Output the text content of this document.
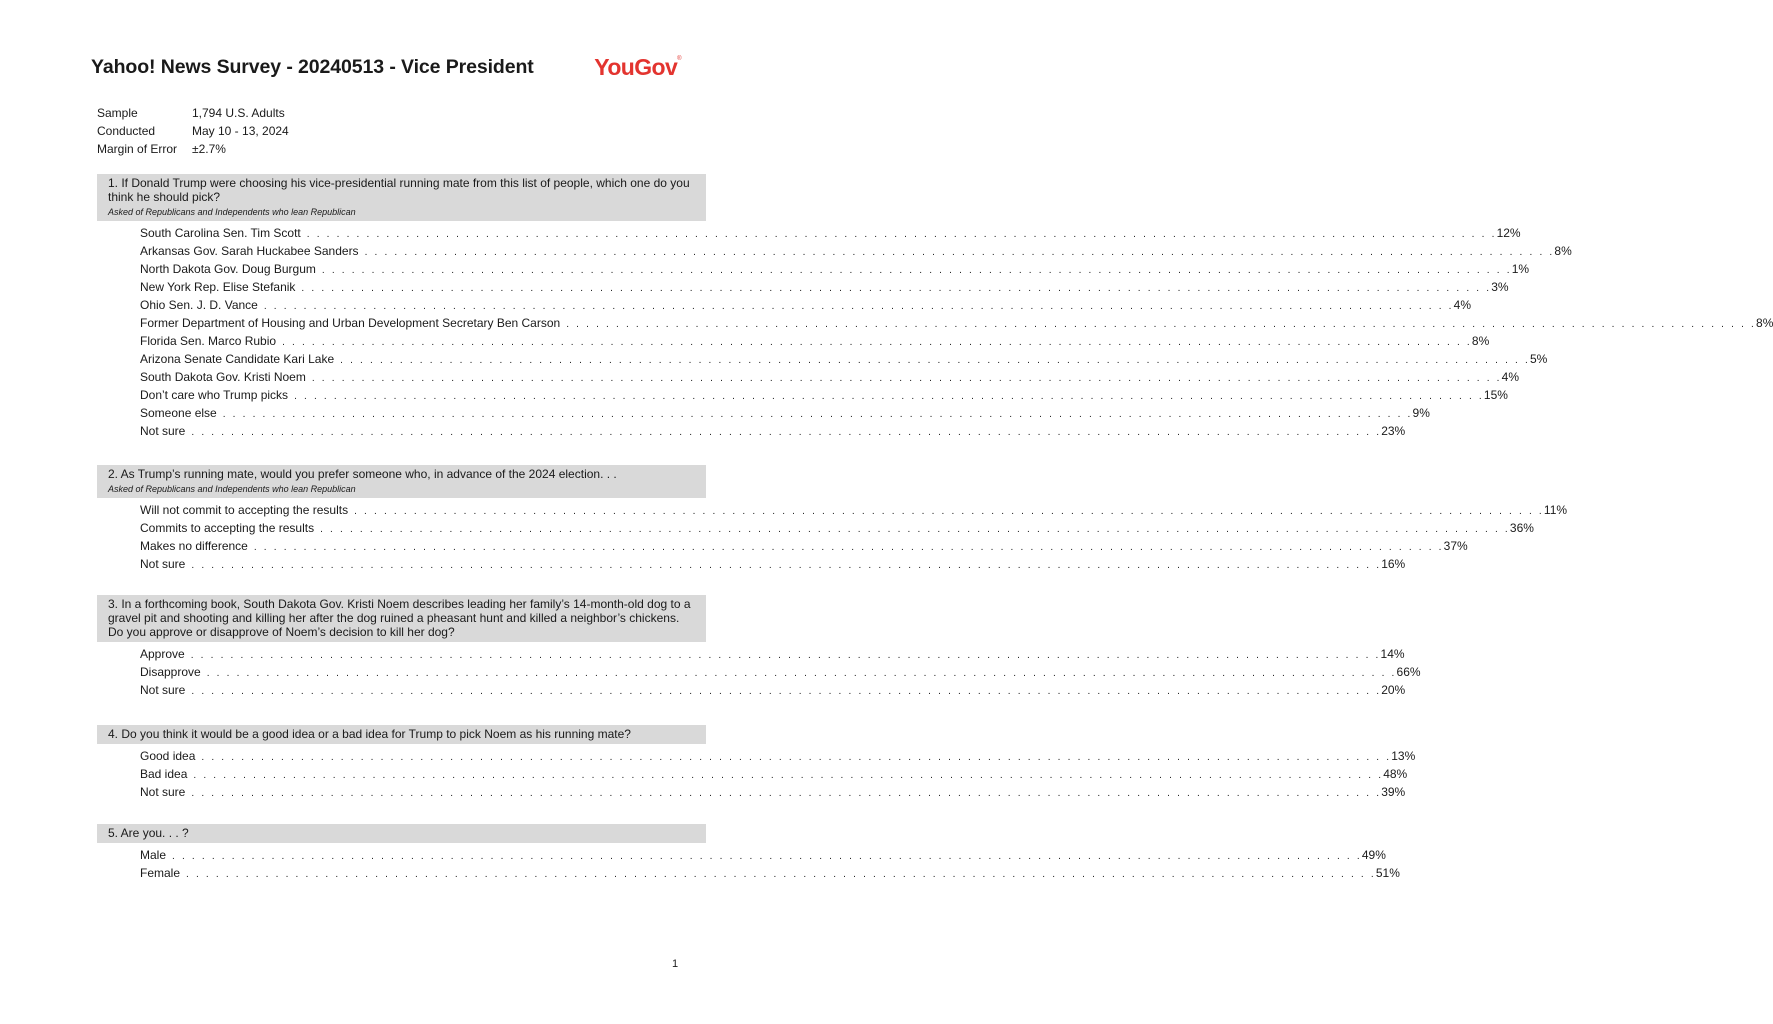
Yahoo! News Survey - 20240513 - Vice President	YouGov®
Sample	1,794 U.S. Adults
Conducted	May 10 - 13, 2024
Margin of Error	±2.7%
1. If Donald Trump were choosing his vice-presidential running mate from this list of people, which one do you think he should pick?
Asked of Republicans and Independents who lean Republican
South Carolina Sen. Tim Scott . . . . . . . . . . . . . . . . . . . . . . . . . . . . . . . . . . . . . . . . . . . . . . . . . . . . . . . . . . . . . . . . . . . . . . . . . . . . . . . . . . . . . . . . . . . . . . . . . . . . . . . . . . . . . . . . . . . . . . . . 12%
Arkansas Gov. Sarah Huckabee Sanders . . . . . . . . . . . . . . . . . . . . . . . . . . . . . . . . . . . . . . . . . . . . . . . . . . . . . . . . . . . . . . . . . . . . . . . . . . . . . . . . . . . . . . . . . . . . . . . . . . . . . . . . . . . . . . . . . . . . . . . . 8%
North Dakota Gov. Doug Burgum . . . . . . . . . . . . . . . . . . . . . . . . . . . . . . . . . . . . . . . . . . . . . . . . . . . . . . . . . . . . . . . . . . . . . . . . . . . . . . . . . . . . . . . . . . . . . . . . . . . . . . . . . . . . . . . . . . . . . . . . 1%
New York Rep. Elise Stefanik . . . . . . . . . . . . . . . . . . . . . . . . . . . . . . . . . . . . . . . . . . . . . . . . . . . . . . . . . . . . . . . . . . . . . . . . . . . . . . . . . . . . . . . . . . . . . . . . . . . . . . . . . . . . . . . . . . . . . . . . 3%
Ohio Sen. J. D. Vance . . . . . . . . . . . . . . . . . . . . . . . . . . . . . . . . . . . . . . . . . . . . . . . . . . . . . . . . . . . . . . . . . . . . . . . . . . . . . . . . . . . . . . . . . . . . . . . . . . . . . . . . . . . . . . . . . . . . . . . . 4%
Former Department of Housing and Urban Development Secretary Ben Carson . . . . . . . . . . . . . . . . . . . . . . . . . . . . . . . . . . . . . . . . . . . . . . . . . . . . . . . . . . . . . . . . . . . . . . . . . . . . . . . . . . . . . . . . . . . . . . . . . . . . . . . . . . . . . . . . . . . . . . . . 8%
Florida Sen. Marco Rubio . . . . . . . . . . . . . . . . . . . . . . . . . . . . . . . . . . . . . . . . . . . . . . . . . . . . . . . . . . . . . . . . . . . . . . . . . . . . . . . . . . . . . . . . . . . . . . . . . . . . . . . . . . . . . . . . . . . . . . . . 8%
Arizona Senate Candidate Kari Lake . . . . . . . . . . . . . . . . . . . . . . . . . . . . . . . . . . . . . . . . . . . . . . . . . . . . . . . . . . . . . . . . . . . . . . . . . . . . . . . . . . . . . . . . . . . . . . . . . . . . . . . . . . . . . . . . . . . . . . . . 5%
South Dakota Gov. Kristi Noem . . . . . . . . . . . . . . . . . . . . . . . . . . . . . . . . . . . . . . . . . . . . . . . . . . . . . . . . . . . . . . . . . . . . . . . . . . . . . . . . . . . . . . . . . . . . . . . . . . . . . . . . . . . . . . . . . . . . . . . . 4%
Don’t care who Trump picks . . . . . . . . . . . . . . . . . . . . . . . . . . . . . . . . . . . . . . . . . . . . . . . . . . . . . . . . . . . . . . . . . . . . . . . . . . . . . . . . . . . . . . . . . . . . . . . . . . . . . . . . . . . . . . . . . . . . . . . . 15%
Someone else . . . . . . . . . . . . . . . . . . . . . . . . . . . . . . . . . . . . . . . . . . . . . . . . . . . . . . . . . . . . . . . . . . . . . . . . . . . . . . . . . . . . . . . . . . . . . . . . . . . . . . . . . . . . . . . . . . . . . . . . 9%
Not sure . . . . . . . . . . . . . . . . . . . . . . . . . . . . . . . . . . . . . . . . . . . . . . . . . . . . . . . . . . . . . . . . . . . . . . . . . . . . . . . . . . . . . . . . . . . . . . . . . . . . . . . . . . . . . . . . . . . . . . . . 23%
2. As Trump’s running mate, would you prefer someone who, in advance of the 2024 election. . .
Asked of Republicans and Independents who lean Republican
Will not commit to accepting the results . . . . . . . . . . . . . . . . . . . . . . . . . . . . . . . . . . . . . . . . . . . . . . . . . . . . . . . . . . . . . . . . . . . . . . . . . . . . . . . . . . . . . . . . . . . . . . . . . . . . . . . . . . . . . . . . . . . . . . . . 11%
Commits to accepting the results . . . . . . . . . . . . . . . . . . . . . . . . . . . . . . . . . . . . . . . . . . . . . . . . . . . . . . . . . . . . . . . . . . . . . . . . . . . . . . . . . . . . . . . . . . . . . . . . . . . . . . . . . . . . . . . . . . . . . . . . 36%
Makes no difference . . . . . . . . . . . . . . . . . . . . . . . . . . . . . . . . . . . . . . . . . . . . . . . . . . . . . . . . . . . . . . . . . . . . . . . . . . . . . . . . . . . . . . . . . . . . . . . . . . . . . . . . . . . . . . . . . . . . . . . . 37%
Not sure . . . . . . . . . . . . . . . . . . . . . . . . . . . . . . . . . . . . . . . . . . . . . . . . . . . . . . . . . . . . . . . . . . . . . . . . . . . . . . . . . . . . . . . . . . . . . . . . . . . . . . . . . . . . . . . . . . . . . . . . 16%
3. In a forthcoming book, South Dakota Gov. Kristi Noem describes leading her family’s 14-month-old dog to a gravel pit and shooting and killing her after the dog ruined a pheasant hunt and killed a neighbor’s chickens. Do you approve or disapprove of Noem’s decision to kill her dog?
Approve . . . . . . . . . . . . . . . . . . . . . . . . . . . . . . . . . . . . . . . . . . . . . . . . . . . . . . . . . . . . . . . . . . . . . . . . . . . . . . . . . . . . . . . . . . . . . . . . . . . . . . . . . . . . . . . . . . . . . . . . 14%
Disapprove . . . . . . . . . . . . . . . . . . . . . . . . . . . . . . . . . . . . . . . . . . . . . . . . . . . . . . . . . . . . . . . . . . . . . . . . . . . . . . . . . . . . . . . . . . . . . . . . . . . . . . . . . . . . . . . . . . . . . . . . 66%
Not sure . . . . . . . . . . . . . . . . . . . . . . . . . . . . . . . . . . . . . . . . . . . . . . . . . . . . . . . . . . . . . . . . . . . . . . . . . . . . . . . . . . . . . . . . . . . . . . . . . . . . . . . . . . . . . . . . . . . . . . . . 20%
4. Do you think it would be a good idea or a bad idea for Trump to pick Noem as his running mate?
Good idea . . . . . . . . . . . . . . . . . . . . . . . . . . . . . . . . . . . . . . . . . . . . . . . . . . . . . . . . . . . . . . . . . . . . . . . . . . . . . . . . . . . . . . . . . . . . . . . . . . . . . . . . . . . . . . . . . . . . . . . . 13%
Bad idea . . . . . . . . . . . . . . . . . . . . . . . . . . . . . . . . . . . . . . . . . . . . . . . . . . . . . . . . . . . . . . . . . . . . . . . . . . . . . . . . . . . . . . . . . . . . . . . . . . . . . . . . . . . . . . . . . . . . . . . . 48%
Not sure . . . . . . . . . . . . . . . . . . . . . . . . . . . . . . . . . . . . . . . . . . . . . . . . . . . . . . . . . . . . . . . . . . . . . . . . . . . . . . . . . . . . . . . . . . . . . . . . . . . . . . . . . . . . . . . . . . . . . . . . 39%
5. Are you. . . ?
Male . . . . . . . . . . . . . . . . . . . . . . . . . . . . . . . . . . . . . . . . . . . . . . . . . . . . . . . . . . . . . . . . . . . . . . . . . . . . . . . . . . . . . . . . . . . . . . . . . . . . . . . . . . . . . . . . . . . . . . . . 49%
Female . . . . . . . . . . . . . . . . . . . . . . . . . . . . . . . . . . . . . . . . . . . . . . . . . . . . . . . . . . . . . . . . . . . . . . . . . . . . . . . . . . . . . . . . . . . . . . . . . . . . . . . . . . . . . . . . . . . . . . . . 51%
1
